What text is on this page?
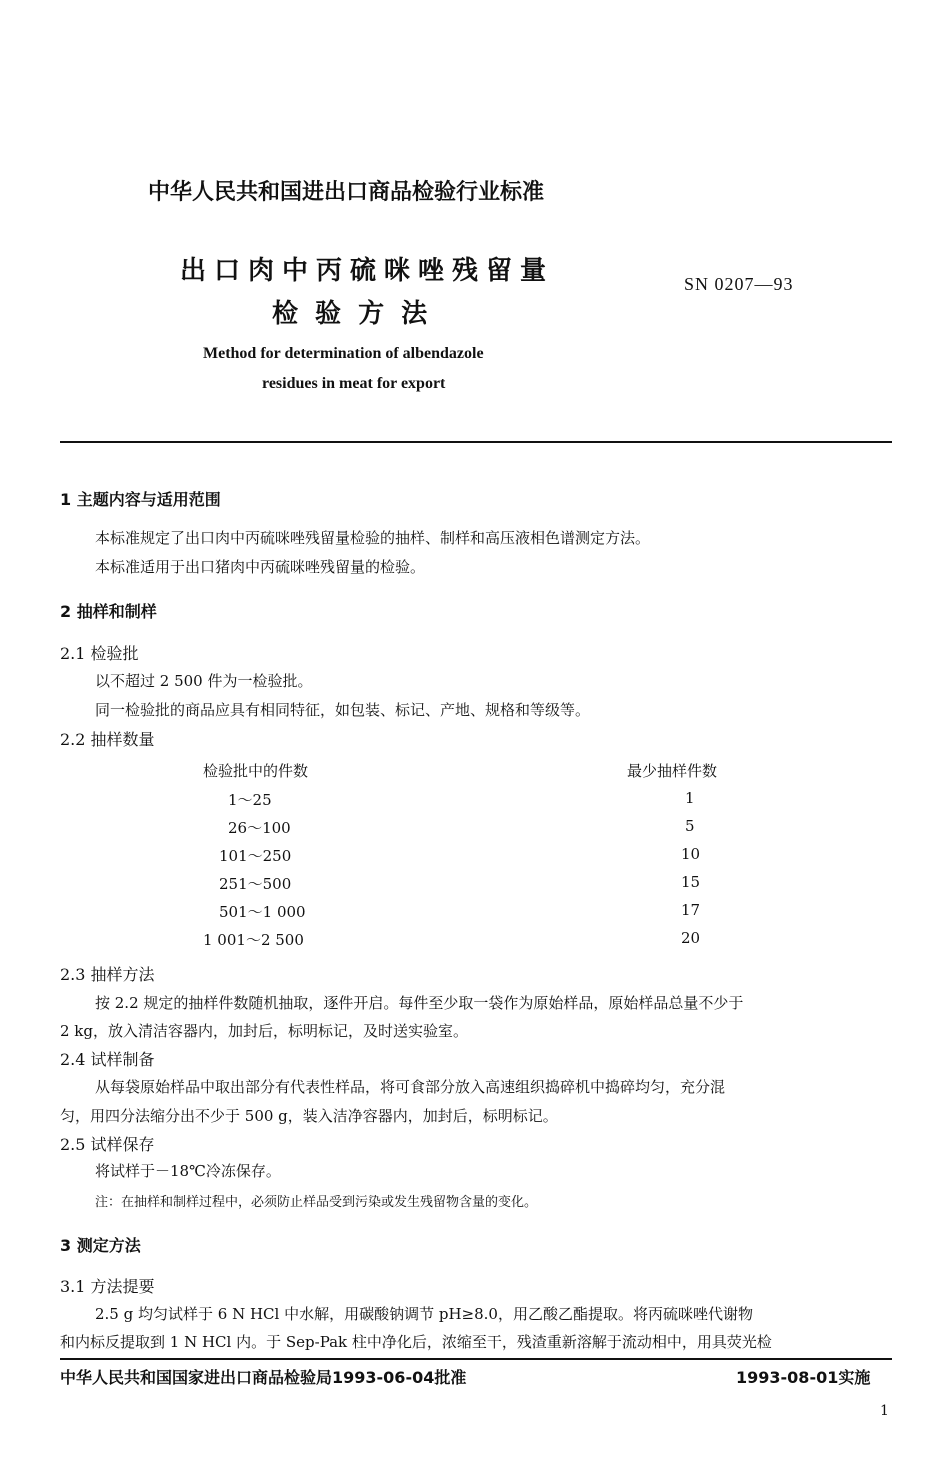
中华人民共和国进出口商品检验行业标准
出口肉中丙硫咪唑残留量
检 验 方 法
SN 0207—93
Method for determination of albendazole
residues in meat for export
1 主题内容与适用范围
本标准规定了出口肉中丙硫咪唑残留量检验的抽样、制样和高压液相色谱测定方法。
本标准适用于出口猪肉中丙硫咪唑残留量的检验。
2 抽样和制样
2.1 检验批
以不超过 2 500 件为一检验批。
同一检验批的商品应具有相同特征，如包装、标记、产地、规格和等级等。
2.2 抽样数量
检验批中的件数	最少抽样件数
1～25	1
26～100	5
101～250	10
251～500	15
501～1 000	17
1 001～2 500	20
2.3 抽样方法
按 2.2 规定的抽样件数随机抽取，逐件开启。每件至少取一袋作为原始样品，原始样品总量不少于
2 kg，放入清洁容器内，加封后，标明标记，及时送实验室。
2.4 试样制备
从每袋原始样品中取出部分有代表性样品，将可食部分放入高速组织捣碎机中捣碎均匀，充分混
匀，用四分法缩分出不少于 500 g，装入洁净容器内，加封后，标明标记。
2.5 试样保存
将试样于－18℃冷冻保存。
注：在抽样和制样过程中，必须防止样品受到污染或发生残留物含量的变化。
3 测定方法
3.1 方法提要
2.5 g 均匀试样于 6 N HCl 中水解，用碳酸钠调节 pH≥8.0，用乙酸乙酯提取。将丙硫咪唑代谢物
和内标反提取到 1 N HCl 内。于 Sep-Pak 柱中净化后，浓缩至干，残渣重新溶解于流动相中，用具荧光检
中华人民共和国国家进出口商品检验局1993-06-04批准	1993-08-01实施
1
